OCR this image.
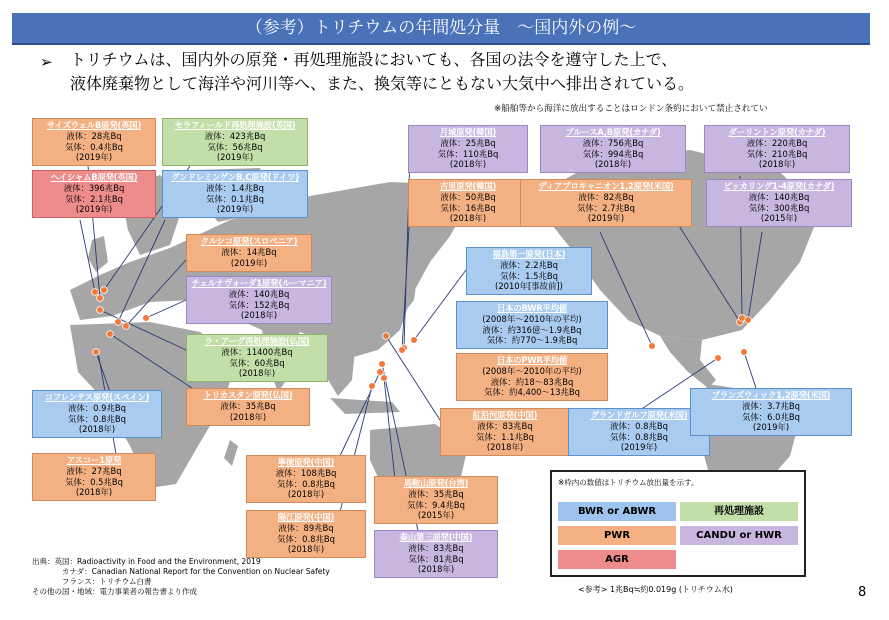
（参考）トリチウムの年間処分量　～国内外の例～
➢ トリチウムは、国内外の原発・再処理施設においても、各国の法令を遵守した上で、
液体廃棄物として海洋や河川等へ、また、換気等にともない大気中へ排出されている。
※船舶等から海洋に放出することはロンドン条約において禁止されてい
サイズウェルB原発(英国)
液体：28兆Bq
気体：0.4兆Bq
(2019年)
セラフィールド再処理施設(英国)
液体：423兆Bq
気体：56兆Bq
(2019年)
ヘイシャムB原発(英国)
液体：396兆Bq
気体：2.1兆Bq
(2019年)
グンドレミンゲンB,C原発(ドイツ)
液体：1.4兆Bq
気体：0.1兆Bq
(2019年)
クルシコ原発(スロベニア)
液体：14兆Bq
(2019年)
チェルナヴォーダ1原発(ルーマニア)
液体：140兆Bq
気体：152兆Bq
(2018年)
ラ・アーグ再処理施設(仏国)
液体：11400兆Bq
気体：60兆Bq
(2018年)
トリカスタン原発(仏国)
液体：35兆Bq
(2018年)
コフレンテス原発(スペイン)
液体：0.9兆Bq
気体：0.8兆Bq
(2018年)
アスコー1原発
液体：27兆Bq
気体：0.5兆Bq
(2018年)
月城原発(韓国)
液体：25兆Bq
気体：110兆Bq
(2018年)
古里原発(韓国)
液体：50兆Bq
気体：16兆Bq
(2018年)
福島第一原発(日本)
液体：2.2兆Bq
気体：1.5兆Bq
(2010年[事故前])
日本のBWR平均値
(2008年～2010年の平均)
液体：約316億～1.9兆Bq
気体：約770～1.9兆Bq
日本のPWR平均値
(2008年～2010年の平均)
液体：約18～83兆Bq
気体：約4,400～13兆Bq
紅沿河原発(中国)
液体：83兆Bq
気体：1.1兆Bq
(2018年)
寧徳原発(中国)
液体：108兆Bq
気体：0.8兆Bq
(2018年)
陽江原発(中国)
液体：89兆Bq
気体：0.8兆Bq
(2018年)
馬鞍山原発(台湾)
液体：35兆Bq
気体：9.4兆Bq
(2015年)
秦山第三原発(中国)
液体：83兆Bq
気体：81兆Bq
(2018年)
ブルースA,B原発(カナダ)
液体：756兆Bq
気体：994兆Bq
(2018年)
ダーリントン原発(カナダ)
液体：220兆Bq
気体：210兆Bq
(2018年)
ディアブロキャニオン1,2原発(米国)
液体：82兆Bq
気体：2.7兆Bq
(2019年)
ピッカリング1-4原発(カナダ)
液体：140兆Bq
気体：300兆Bq
(2015年)
グランドガルフ原発(米国)
液体：0.8兆Bq
気体：0.8兆Bq
(2019年)
ブランズウィック1,2原発(米国)
液体：3.7兆Bq
気体：6.0兆Bq
(2019年)
※枠内の数値はトリチウム放出量を示す。
BWR or ABWR	再処理施設
PWR	CANDU or HWR
AGR
出典：英国：Radioactivity in Food and the Environment, 2019
カナダ：Canadian National Report for the Convention on Nuclear Safety
フランス：トリチウム白書
その他の国・地域：電力事業者の報告書より作成	<参考> 1兆Bq≒約0.019g (トリチウム水)	8
